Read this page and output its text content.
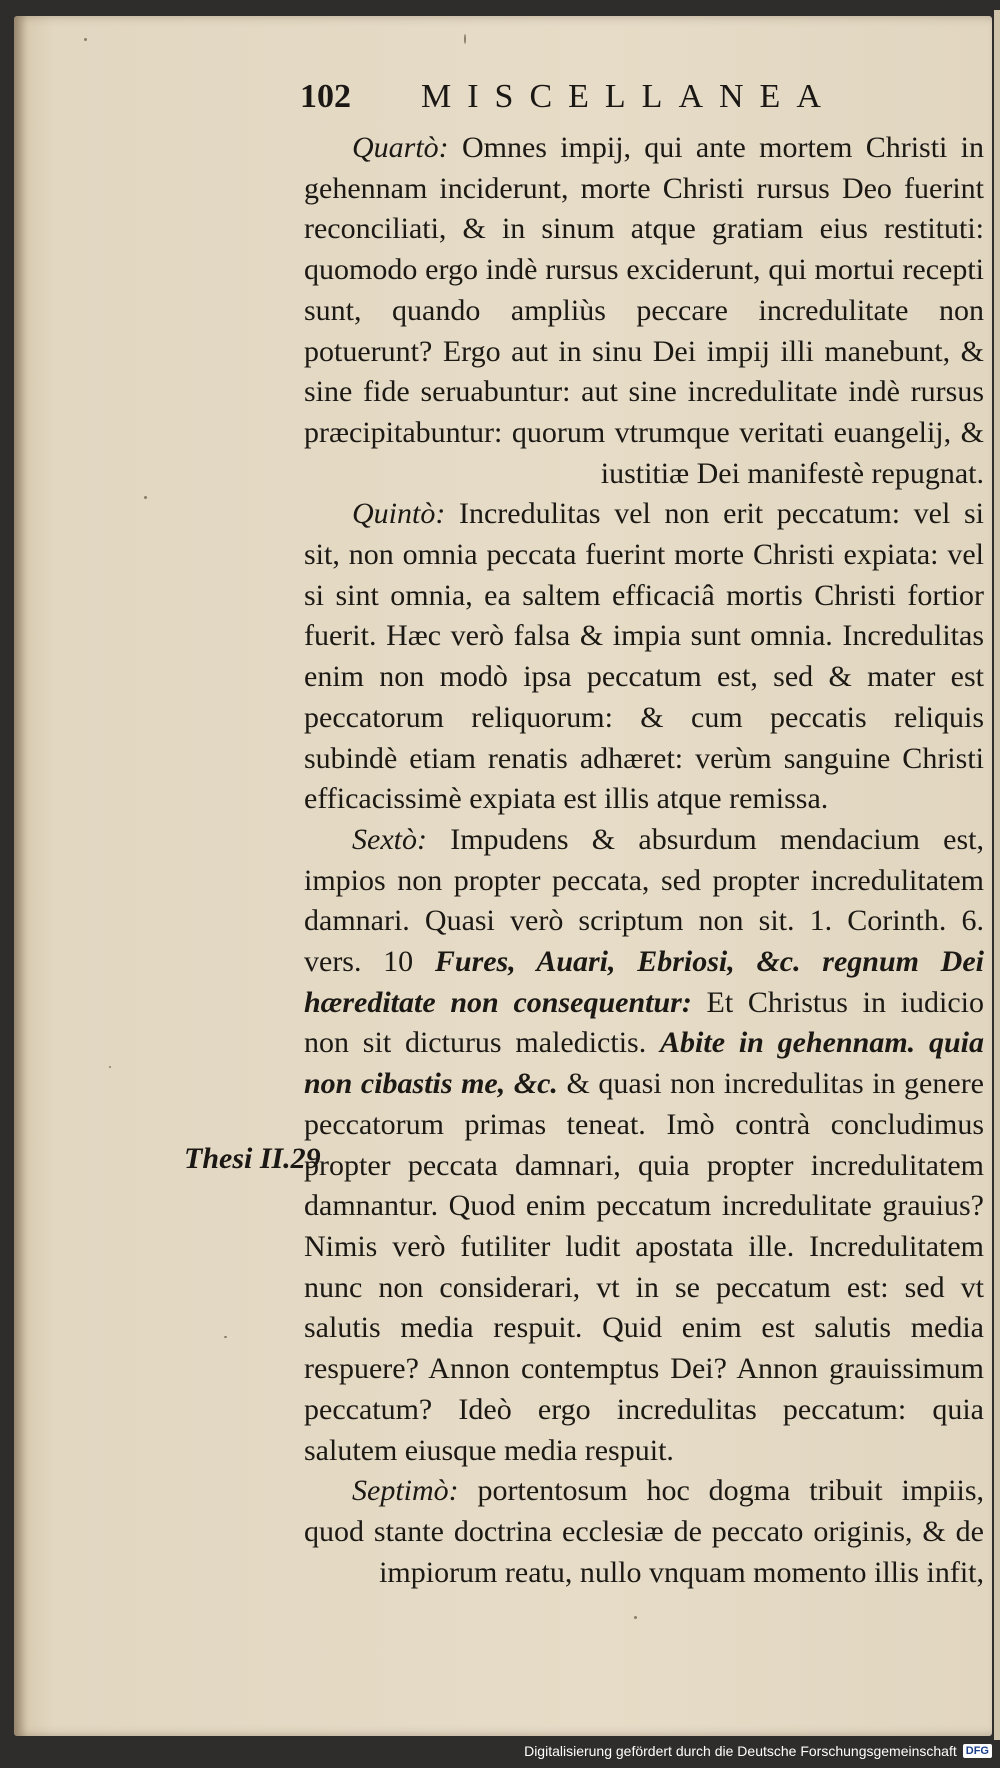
102 MISCELLANEA
Thesi II.29

Quartò: Omnes impij, qui ante mortem Christi in gehennam inciderunt, morte Christi rursus Deo fuerint reconciliati, & in sinum atque gratiam eius restituti: quomodo ergo indè rursus exciderunt, qui mortui recepti sunt, quando ampliùs peccare incredulitate non potuerunt? Ergo aut in sinu Dei impij illi manebunt, & sine fide seruabuntur: aut sine incredulitate indè rursus præcipitabuntur: quorum vtrumque veritati euangelij, & iustitiæ Dei manifestè repugnat.

Quintò: Incredulitas vel non erit peccatum: vel si sit, non omnia peccata fuerint morte Christi expiata: vel si sint omnia, ea saltem efficaciâ mortis Christi fortior fuerit. Hæc verò falsa & impia sunt omnia. Incredulitas enim non modò ipsa peccatum est, sed & mater est peccatorum reliquorum: & cum peccatis reliquis subindè etiam renatis adhæret: verùm sanguine Christi efficacissimè expiata est illis atque remissa.

Sextò: Impudens & absurdum mendacium est, impios non propter peccata, sed propter incredulitatem damnari. Quasi verò scriptum non sit. 1. Corinth. 6. vers. 10 Fures, Auari, Ebriosi, &c. regnum Dei hæreditate non consequentur: Et Christus in iudicio non sit dicturus maledictis. Abite in gehennam. quia non cibastis me, &c. & quasi non incredulitas in genere peccatorum primas teneat. Imò contrà concludimus propter peccata damnari, quia propter incredulitatem damnantur. Quod enim peccatum incredulitate grauius? Nimis verò futiliter ludit apostata ille. Incredulitatem nunc non considerari, vt in se peccatum est: sed vt salutis media respuit. Quid enim est salutis media respuere? Annon contemptus Dei? Annon grauissimum peccatum? Ideò ergo incredulitas peccatum: quia salutem eiusque media respuit.

Septimò: portentosum hoc dogma tribuit impiis, quod stante doctrina ecclesiæ de peccato originis, & de impiorum reatu, nullo vnquam momento illis infit,

Digitalisierung gefördert durch die Deutsche Forschungsgemeinschaft DFG
